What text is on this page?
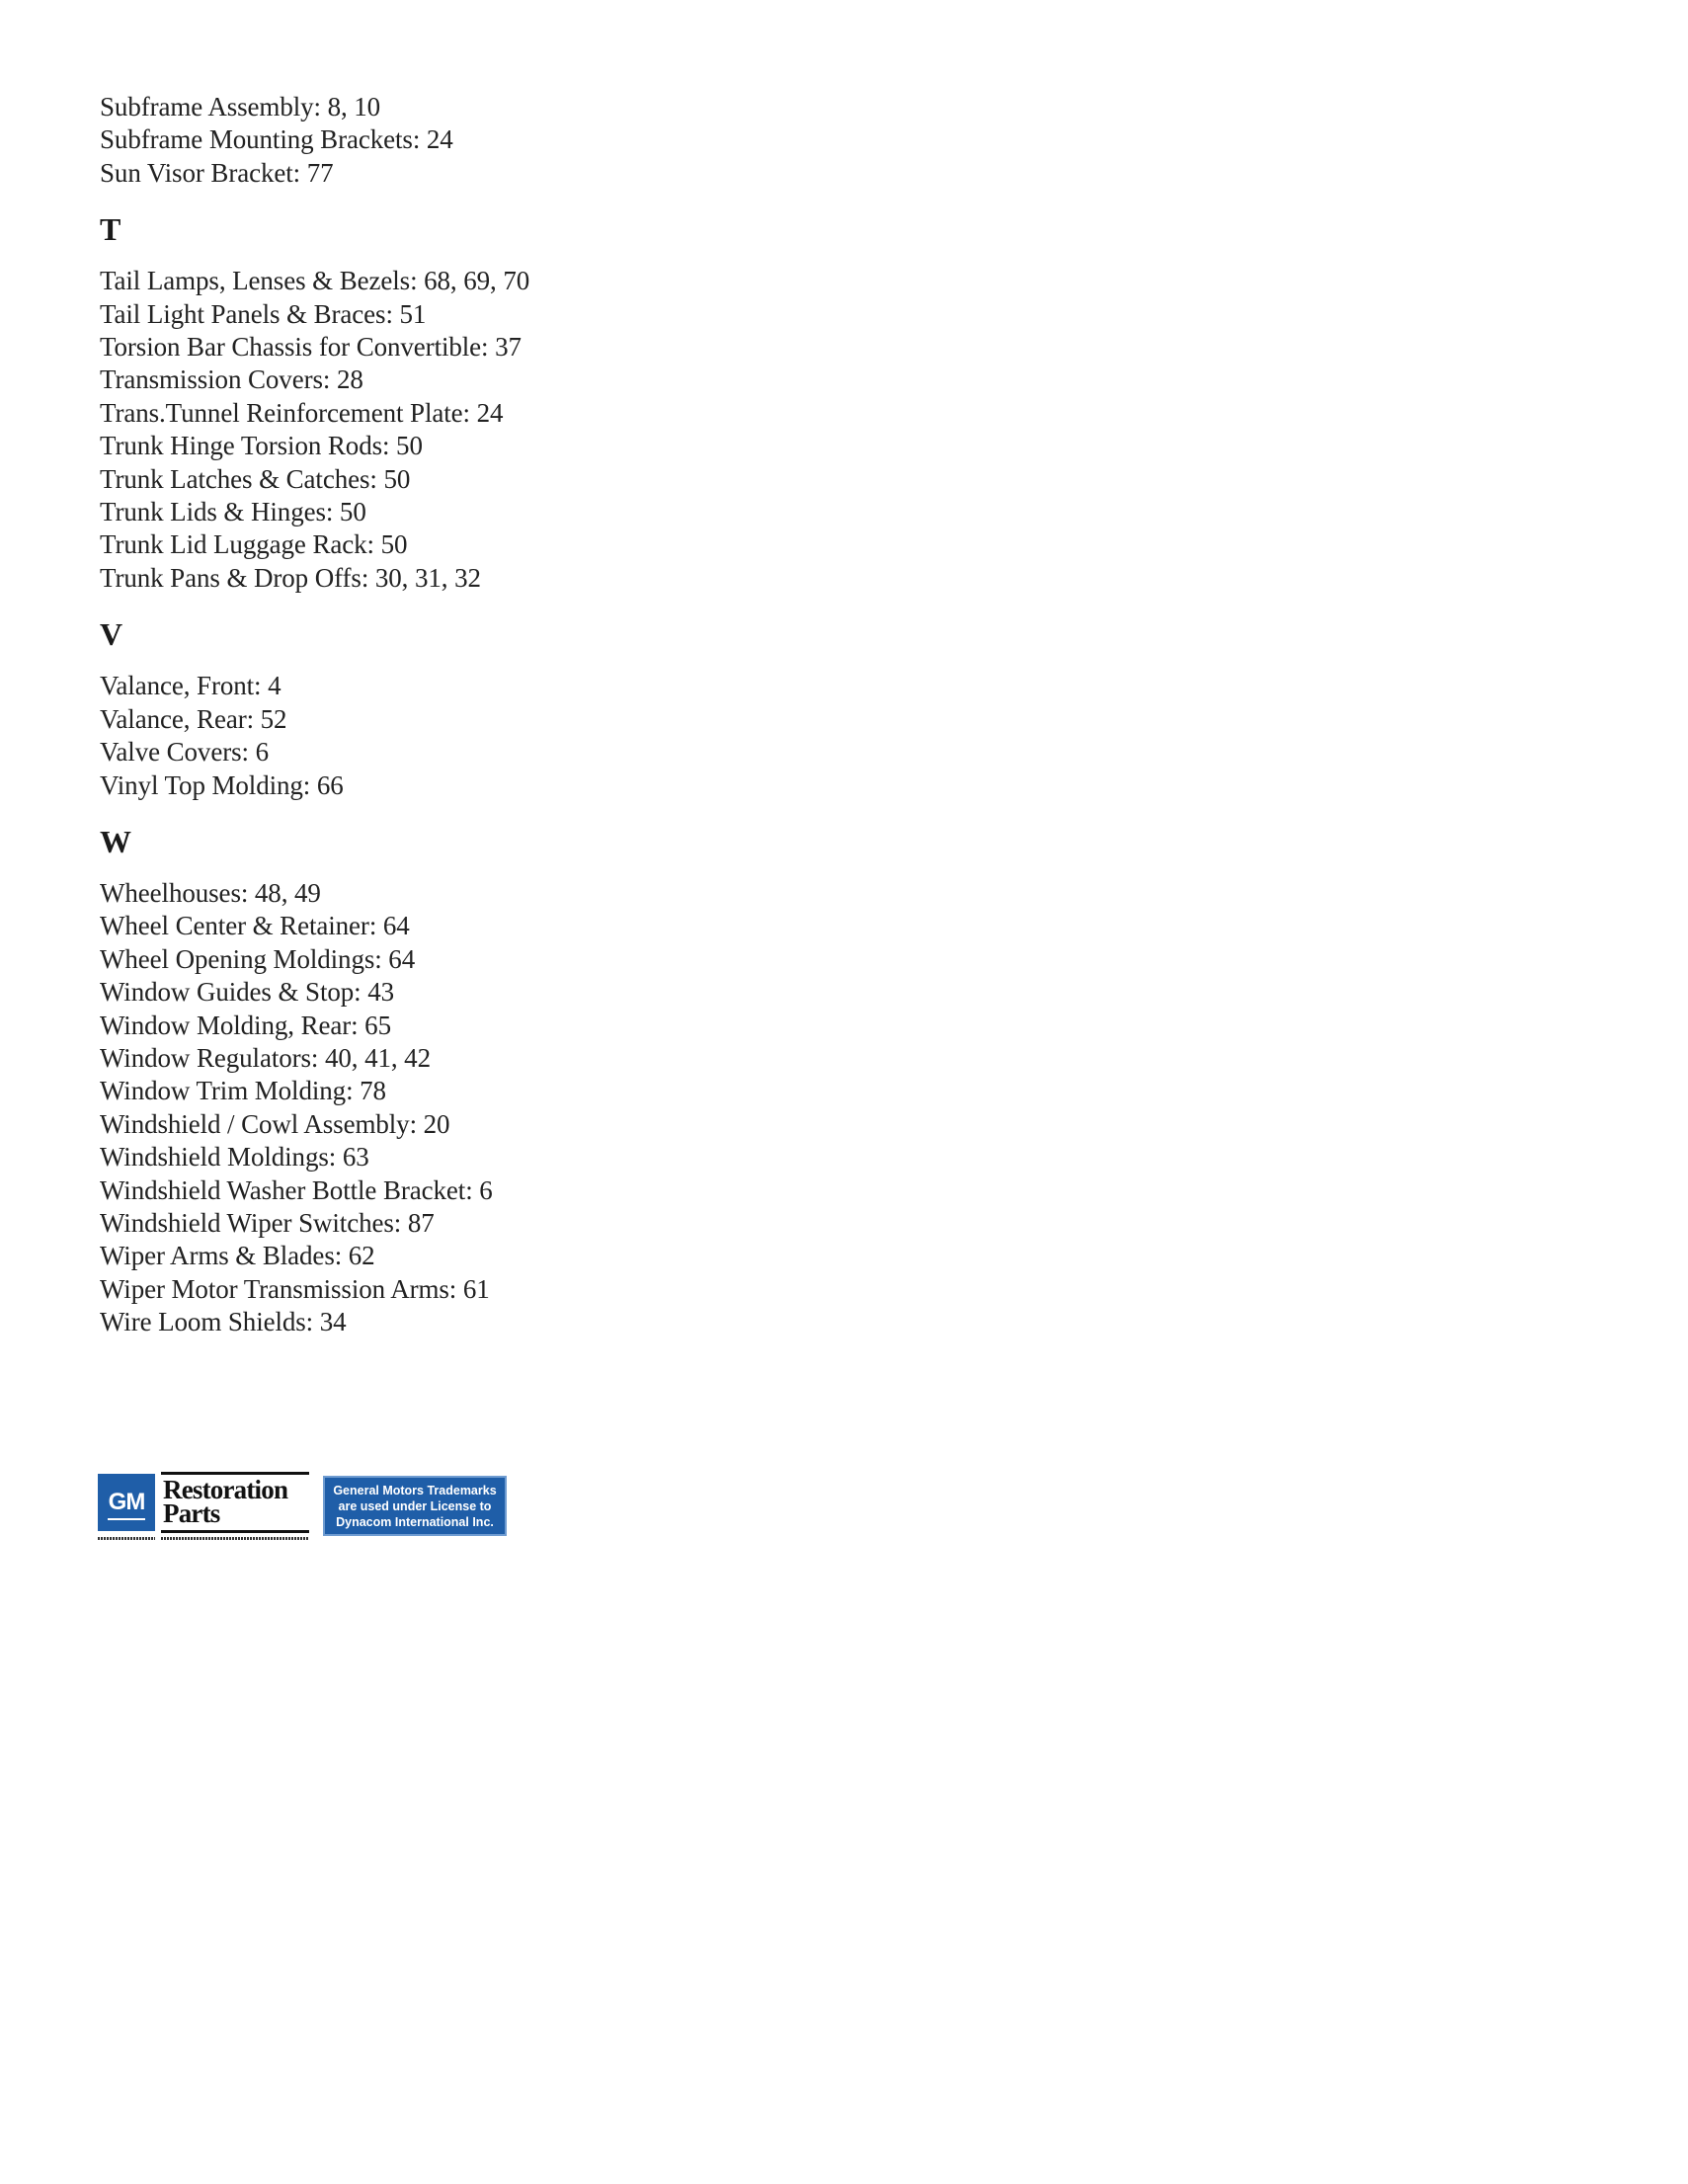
Subframe Assembly: 8, 10
Subframe Mounting Brackets: 24
Sun Visor Bracket: 77
T
Tail Lamps, Lenses & Bezels: 68, 69, 70
Tail Light Panels & Braces: 51
Torsion Bar Chassis for Convertible: 37
Transmission Covers: 28
Trans.Tunnel Reinforcement Plate: 24
Trunk Hinge Torsion Rods: 50
Trunk Latches & Catches: 50
Trunk Lids & Hinges: 50
Trunk Lid Luggage Rack: 50
Trunk Pans & Drop Offs: 30, 31, 32
V
Valance, Front: 4
Valance, Rear: 52
Valve Covers: 6
Vinyl Top Molding: 66
W
Wheelhouses: 48, 49
Wheel Center & Retainer: 64
Wheel Opening Moldings: 64
Window Guides & Stop: 43
Window Molding, Rear: 65
Window Regulators: 40, 41, 42
Window Trim Molding: 78
Windshield / Cowl Assembly: 20
Windshield Moldings: 63
Windshield Washer Bottle Bracket: 6
Windshield Wiper Switches: 87
Wiper Arms & Blades: 62
Wiper Motor Transmission Arms: 61
Wire Loom Shields: 34
GM Restoration
Parts
General Motors Trademarks
are used under License to
Dynacom International Inc.
